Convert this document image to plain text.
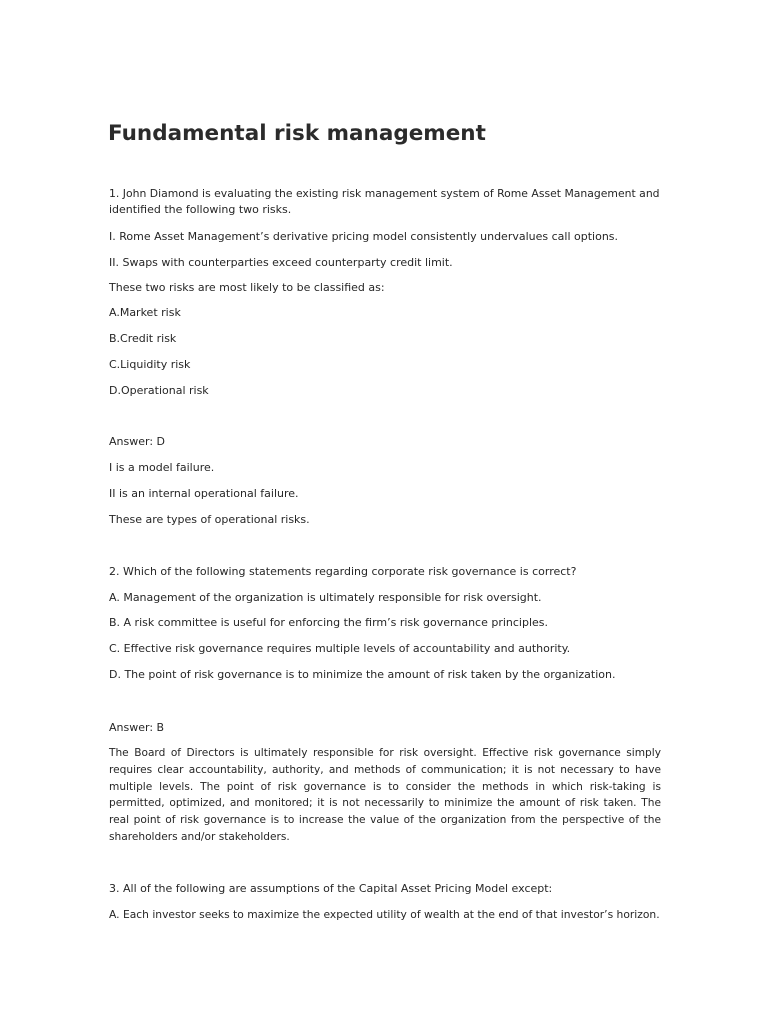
Fundamental risk management

1. John Diamond is evaluating the existing risk management system of Rome Asset Management and

identified the following two risks.

I. Rome Asset Management’s derivative pricing model consistently undervalues call options.

II. Swaps with counterparties exceed counterparty credit limit.

These two risks are most likely to be classified as:

A.Market risk

B.Credit risk

C.Liquidity risk

D.Operational risk

Answer: D

I is a model failure.

II is an internal operational failure.

These are types of operational risks.

2. Which of the following statements regarding corporate risk governance is correct?

A. Management of the organization is ultimately responsible for risk oversight.

B. A risk committee is useful for enforcing the firm’s risk governance principles.

C. Effective risk governance requires multiple levels of accountability and authority.

D. The point of risk governance is to minimize the amount of risk taken by the organization.

Answer: B

The Board of Directors is ultimately responsible for risk oversight. Effective risk governance simply requires clear accountability, authority, and methods of communication; it is not necessary to have multiple levels. The point of risk governance is to consider the methods in which risk-taking is permitted, optimized, and monitored; it is not necessarily to minimize the amount of risk taken. The real point of risk governance is to increase the value of the organization from the perspective of the shareholders and/or stakeholders.

3. All of the following are assumptions of the Capital Asset Pricing Model except:

A. Each investor seeks to maximize the expected utility of wealth at the end of that investor’s horizon.
